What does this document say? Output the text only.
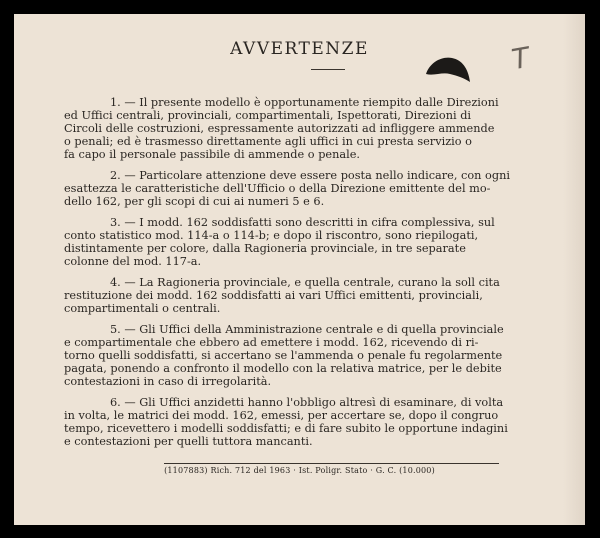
AVVERTENZE	T

1. — Il presente modello è opportunamente riempito dalle Direzioni
ed Uffici centrali, provinciali, compartimentali, Ispettorati, Direzioni di
Circoli delle costruzioni, espressamente autorizzati ad infliggere ammende
o penali; ed è trasmesso direttamente agli uffici in cui presta servizio o
fa capo il personale passibile di ammende o penale.

2. — Particolare attenzione deve essere posta nello indicare, con ogni
esattezza le caratteristiche dell'Ufficio o della Direzione emittente del mo-
dello 162, per gli scopi di cui ai numeri 5 e 6.

3. — I modd. 162 soddisfatti sono descritti in cifra complessiva, sul
conto statistico mod. 114-a o 114-b; e dopo il riscontro, sono riepilogati,
distintamente per colore, dalla Ragioneria provinciale, in tre separate
colonne del mod. 117-a.

4. — La Ragioneria provinciale, e quella centrale, curano la soll cita
restituzione dei modd. 162 soddisfatti ai vari Uffici emittenti, provinciali,
compartimentali o centrali.

5. — Gli Uffici della Amministrazione centrale e di quella provinciale
e compartimentale che ebbero ad emettere i modd. 162, ricevendo di ri-
torno quelli soddisfatti, si accertano se l'ammenda o penale fu regolarmente
pagata, ponendo a confronto il modello con la relativa matrice, per le debite
contestazioni in caso di irregolarità.

6. — Gli Uffici anzidetti hanno l'obbligo altresì di esaminare, di volta
in volta, le matrici dei modd. 162, emessi, per accertare se, dopo il congruo
tempo, ricevettero i modelli soddisfatti; e di fare subito le opportune indagini
e contestazioni per quelli tuttora mancanti.

(1107883) Rich. 712 del 1963 · Ist. Poligr. Stato · G. C. (10.000)
